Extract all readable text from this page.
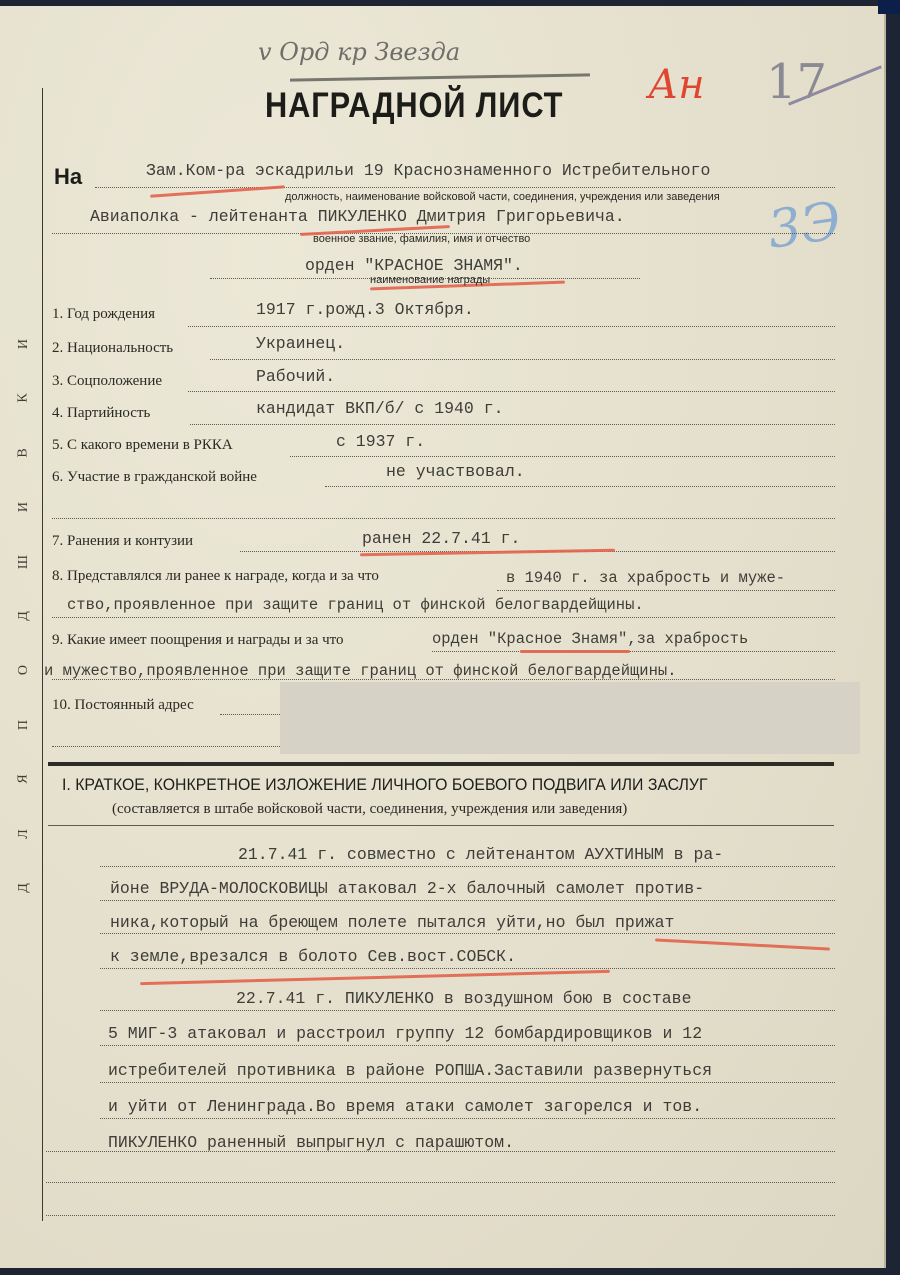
Д
Л
Я
П
О
Д
Ш
И
В
К
И
v Орд кр Звезда
Ан 17
3Э
НАГРАДНОЙ ЛИСТ
На	Зам.Ком-ра эскадрильи 19 Краснознаменного Истребительного
должность, наименование войсковой части, соединения, учреждения или заведения
Авиаполка - лейтенанта ПИКУЛЕНКО Дмитрия Григорьевича.
военное звание, фамилия, имя и отчество
орден "КРАСНОЕ ЗНАМЯ".
наименование награды
1. Год рождения	1917 г.рожд.3 Октября.
2. Национальность	Украинец.
3. Соцположение	Рабочий.
4. Партийность	кандидат ВКП/б/ с 1940 г.
5. С какого времени в РККА	с 1937 г.
6. Участие в гражданской войне	не участвовал.
7. Ранения и контузии	ранен 22.7.41 г.
8. Представлялся ли ранее к награде, когда и за что	в 1940 г. за храбрость и муже-
ство,проявленное при защите границ от финской белогвардейщины.
9. Какие имеет поощрения и награды и за что	орден "Красное Знамя",за храбрость
и мужество,проявленное при защите границ от финской белогвардейщины.
10. Постоянный адрес
I. КРАТКОЕ, КОНКРЕТНОЕ ИЗЛОЖЕНИЕ ЛИЧНОГО БОЕВОГО ПОДВИГА ИЛИ ЗАСЛУГ
(составляется в штабе войсковой части, соединения, учреждения или заведения)
21.7.41 г. совместно с лейтенантом АУХТИНЫМ в ра-
йоне ВРУДА-МОЛОСКОВИЦЫ атаковал 2-х балочный самолет против-
ника,который на бреющем полете пытался уйти,но был прижат
к земле,врезался в болото Сев.вост.СОБСК.
22.7.41 г. ПИКУЛЕНКО в воздушном бою в составе
5 МИГ-3 атаковал и расстроил группу 12 бомбардировщиков и 12
истребителей противника в районе РОПША.Заставили развернуться
и уйти от Ленинграда.Во время атаки самолет загорелся и тов.
ПИКУЛЕНКО раненный выпрыгнул с парашютом.
